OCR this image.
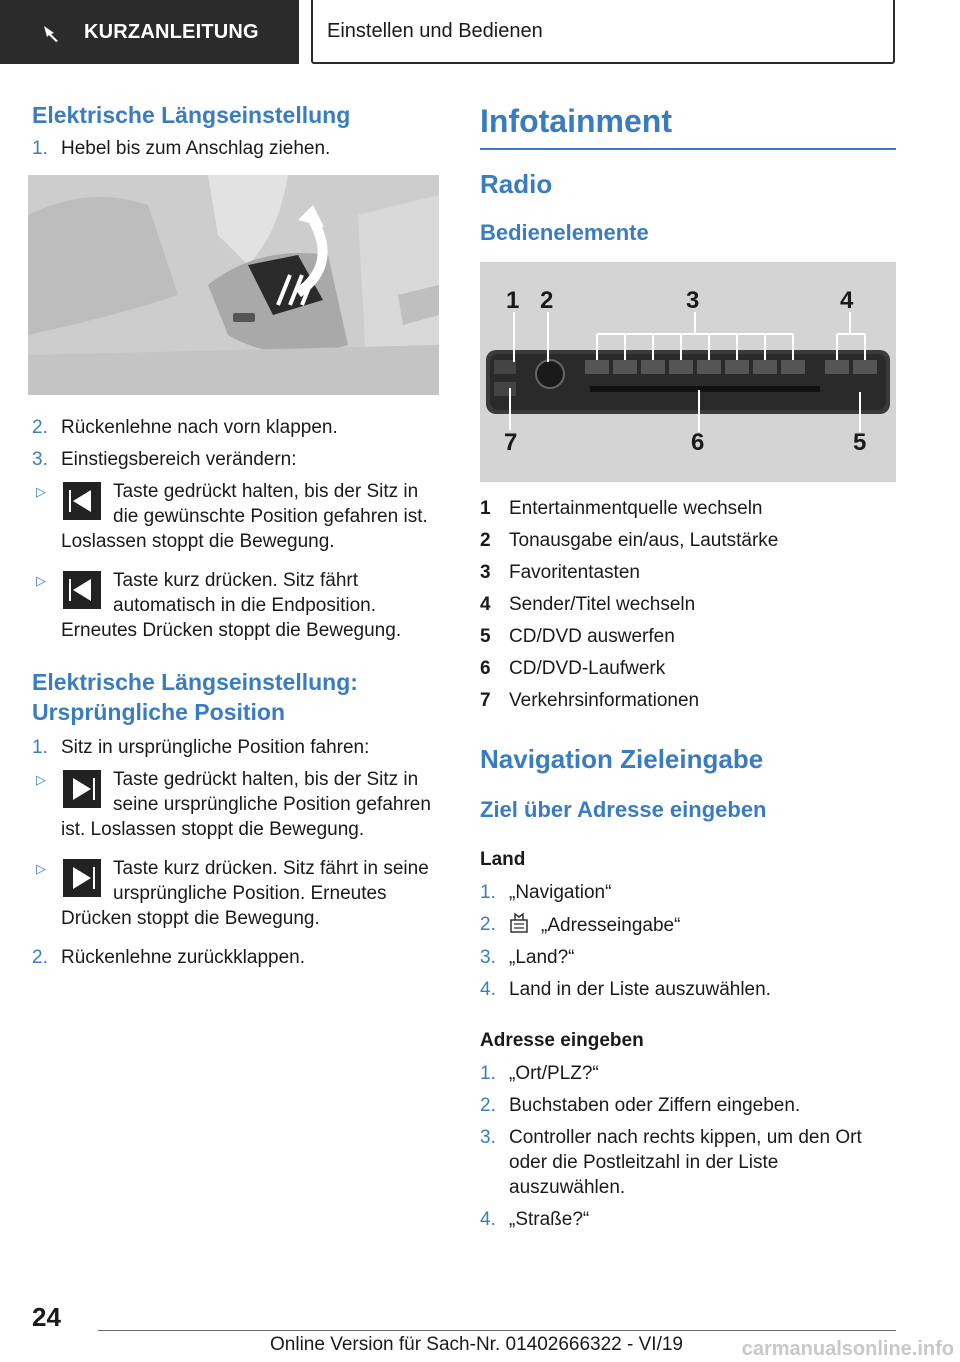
KURZANLEITUNG	Einstellen und Bedienen
Elektrische Längseinstellung
1. Hebel bis zum Anschlag ziehen.
2. Rückenlehne nach vorn klappen.
3. Einstiegsbereich verändern:
▷	Taste gedrückt halten, bis der Sitz in die gewünschte Position gefahren ist. Loslassen stoppt die Bewegung.
▷	Taste kurz drücken. Sitz fährt automatisch in die Endposition. Erneutes Drücken stoppt die Bewegung.
Elektrische Längseinstellung:
Ursprüngliche Position
1. Sitz in ursprüngliche Position fahren:
▷	Taste gedrückt halten, bis der Sitz in seine ursprüngliche Position gefahren ist. Loslassen stoppt die Bewegung.
▷	Taste kurz drücken. Sitz fährt in seine ursprüngliche Position. Erneutes Drücken stoppt die Bewegung.
2. Rückenlehne zurückklappen.
Infotainment
Radio
Bedienelemente
1 2	3	4
5
6
7
1 Entertainmentquelle wechseln
2 Tonausgabe ein/aus, Lautstärke
3 Favoritentasten
4 Sender/Titel wechseln
5 CD/DVD auswerfen
6 CD/DVD-Laufwerk
7 Verkehrsinformationen
Navigation Zieleingabe
Ziel über Adresse eingeben
Land
1. „Navigation“
2.	„Adresseingabe“
3. „Land?“
4. Land in der Liste auszuwählen.
Adresse eingeben
1. „Ort/PLZ?“
2. Buchstaben oder Ziffern eingeben.
3. Controller nach rechts kippen, um den Ort oder die Postleitzahl in der Liste auszuwählen.
4. „Straße?“
24
Online Version für Sach-Nr. 01402666322 - VI/19	carmanualsonline.info
